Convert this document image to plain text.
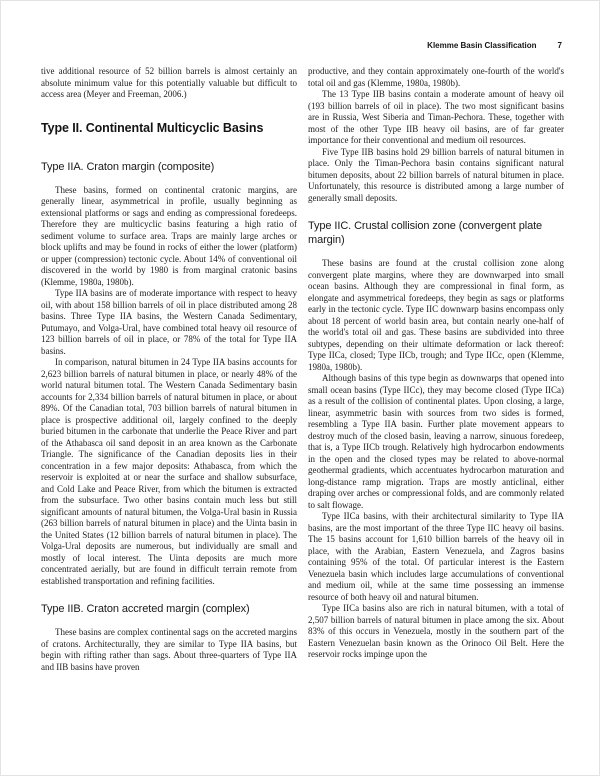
Klemme Basin Classification	7

tive additional resource of 52 billion barrels is almost certainly an absolute minimum value for this potentially valuable but difficult to access area (Meyer and Freeman, 2006.)

Type II. Continental Multicyclic Basins
Type IIA. Craton margin (composite)

These basins, formed on continental cratonic margins, are generally linear, asymmetrical in profile, usually beginning as extensional platforms or sags and ending as compressional foredeeps. Therefore they are multicyclic basins featuring a high ratio of sediment volume to surface area. Traps are mainly large arches or block uplifts and may be found in rocks of either the lower (platform) or upper (compression) tectonic cycle. About 14% of conventional oil discovered in the world by 1980 is from marginal cratonic basins (Klemme, 1980a, 1980b).

Type IIA basins are of moderate importance with respect to heavy oil, with about 158 billion barrels of oil in place distributed among 28 basins. Three Type IIA basins, the Western Canada Sedimentary, Putumayo, and Volga-Ural, have combined total heavy oil resource of 123 billion barrels of oil in place, or 78% of the total for Type IIA basins.

In comparison, natural bitumen in 24 Type IIA basins accounts for 2,623 billion barrels of natural bitumen in place, or nearly 48% of the world natural bitumen total. The Western Canada Sedimentary basin accounts for 2,334 billion barrels of natural bitumen in place, or about 89%. Of the Canadian total, 703 billion barrels of natural bitumen in place is prospective additional oil, largely confined to the deeply buried bitumen in the carbonate that underlie the Peace River and part of the Athabasca oil sand deposit in an area known as the Carbonate Triangle. The significance of the Canadian deposits lies in their concentration in a few major deposits: Athabasca, from which the reservoir is exploited at or near the surface and shallow subsurface, and Cold Lake and Peace River, from which the bitumen is extracted from the subsurface. Two other basins contain much less but still significant amounts of natural bitumen, the Volga-Ural basin in Russia (263 billion barrels of natural bitumen in place) and the Uinta basin in the United States (12 billion barrels of natural bitumen in place). The Volga-Ural deposits are numerous, but individually are small and mostly of local interest. The Uinta deposits are much more concentrated aerially, but are found in difficult terrain remote from established transportation and refining facilities.

Type IIB. Craton accreted margin (complex)

These basins are complex continental sags on the accreted margins of cratons. Architecturally, they are similar to Type IIA basins, but begin with rifting rather than sags. About three-quarters of Type IIA and IIB basins have proven

productive, and they contain approximately one-fourth of the world's total oil and gas (Klemme, 1980a, 1980b).

The 13 Type IIB basins contain a moderate amount of heavy oil (193 billion barrels of oil in place). The two most significant basins are in Russia, West Siberia and Timan-Pechora. These, together with most of the other Type IIB heavy oil basins, are of far greater importance for their conventional and medium oil resources.

Five Type IIB basins hold 29 billion barrels of natural bitumen in place. Only the Timan-Pechora basin contains significant natural bitumen deposits, about 22 billion barrels of natural bitumen in place. Unfortunately, this resource is distributed among a large number of generally small deposits.

Type IIC. Crustal collision zone (convergent plate margin)

These basins are found at the crustal collision zone along convergent plate margins, where they are downwarped into small ocean basins. Although they are compressional in final form, as elongate and asymmetrical foredeeps, they begin as sags or platforms early in the tectonic cycle. Type IIC downwarp basins encompass only about 18 percent of world basin area, but contain nearly one-half of the world's total oil and gas. These basins are subdivided into three subtypes, depending on their ultimate deformation or lack thereof: Type IICa, closed; Type IICb, trough; and Type IICc, open (Klemme, 1980a, 1980b).

Although basins of this type begin as downwarps that opened into small ocean basins (Type IICc), they may become closed (Type IICa) as a result of the collision of continental plates. Upon closing, a large, linear, asymmetric basin with sources from two sides is formed, resembling a Type IIA basin. Further plate movement appears to destroy much of the closed basin, leaving a narrow, sinuous foredeep, that is, a Type IICb trough. Relatively high hydrocarbon endowments in the open and the closed types may be related to above-normal geothermal gradients, which accentuates hydrocarbon maturation and long-distance ramp migration. Traps are mostly anticlinal, either draping over arches or compressional folds, and are commonly related to salt flowage.

Type IICa basins, with their architectural similarity to Type IIA basins, are the most important of the three Type IIC heavy oil basins. The 15 basins account for 1,610 billion barrels of the heavy oil in place, with the Arabian, Eastern Venezuela, and Zagros basins containing 95% of the total. Of particular interest is the Eastern Venezuela basin which includes large accumulations of conventional and medium oil, while at the same time possessing an immense resource of both heavy oil and natural bitumen.

Type IICa basins also are rich in natural bitumen, with a total of 2,507 billion barrels of natural bitumen in place among the six. About 83% of this occurs in Venezuela, mostly in the southern part of the Eastern Venezuelan basin known as the Orinoco Oil Belt. Here the reservoir rocks impinge upon the
